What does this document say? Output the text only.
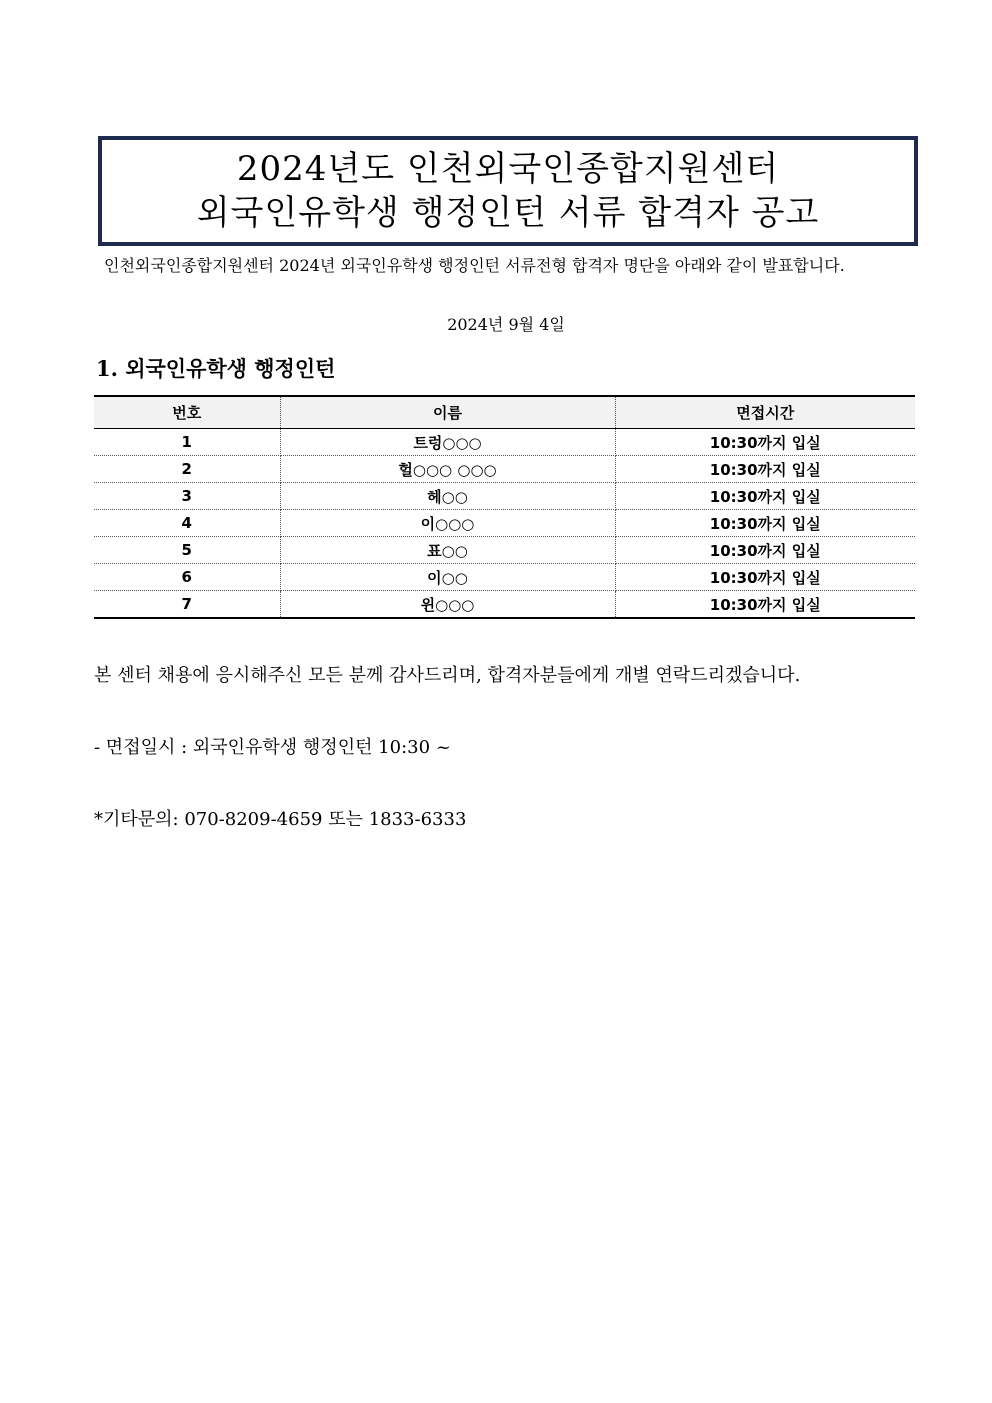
2024년도 인천외국인종합지원센터
외국인유학생 행정인턴 서류 합격자 공고
인천외국인종합지원센터 2024년 외국인유학생 행정인턴 서류전형 합격자 명단을 아래와 같이 발표합니다.
2024년 9월 4일
1. 외국인유학생 행정인턴
번호	이름	면접시간
1	트렁○○○	10:30까지 입실
2	헐○○○ ○○○	10:30까지 입실
3	헤○○	10:30까지 입실
4	이○○○	10:30까지 입실
5	표○○	10:30까지 입실
6	이○○	10:30까지 입실
7	윈○○○	10:30까지 입실
본 센터 채용에 응시해주신 모든 분께 감사드리며, 합격자분들에게 개별 연락드리겠습니다.
- 면접일시 : 외국인유학생 행정인턴 10:30 ~
*기타문의: 070-8209-4659 또는 1833-6333
